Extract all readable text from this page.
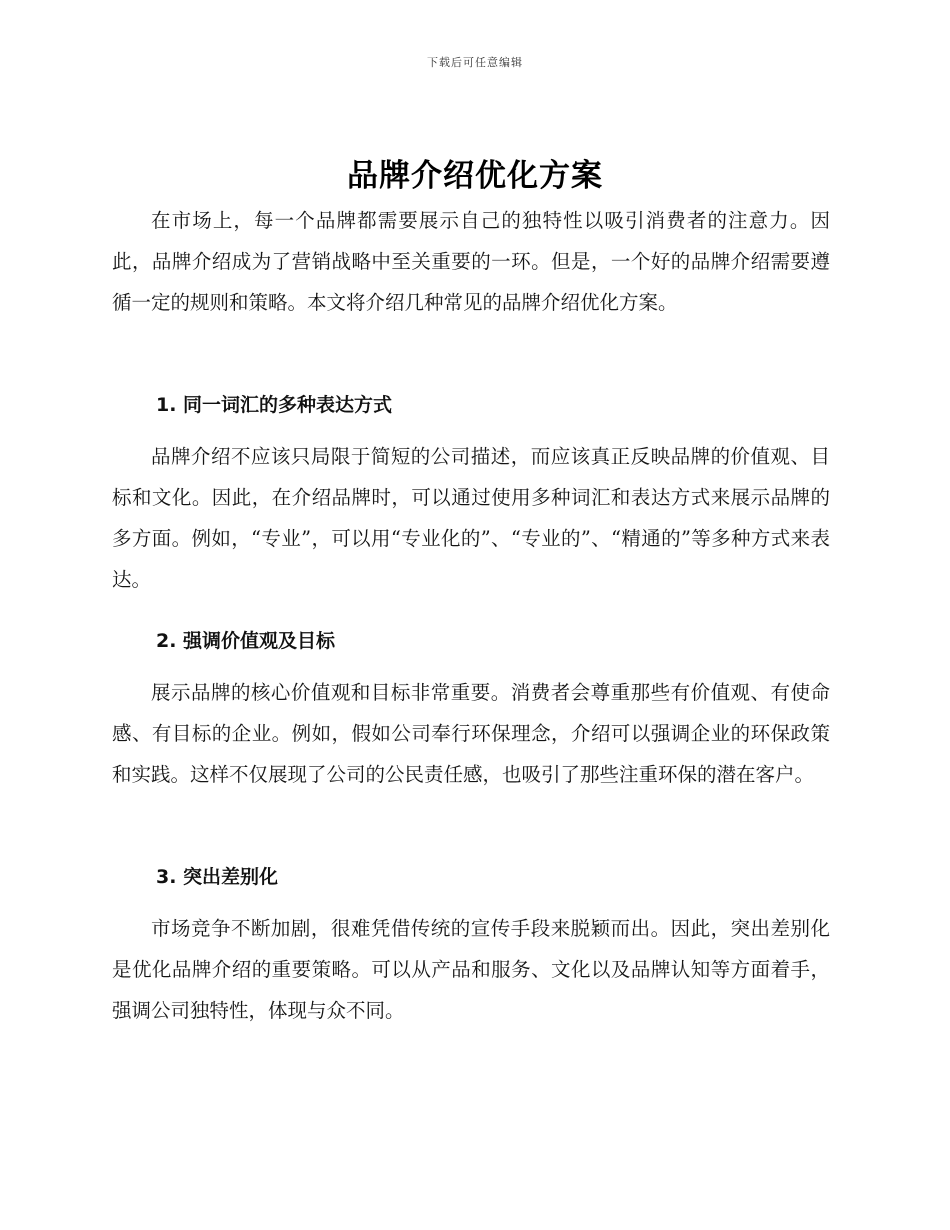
下载后可任意编辑
品牌介绍优化方案

在市场上，每一个品牌都需要展示自己的独特性以吸引消费者的注意力。因此，品牌介绍成为了营销战略中至关重要的一环。但是，一个好的品牌介绍需要遵循一定的规则和策略。本文将介绍几种常见的品牌介绍优化方案。

1. 同一词汇的多种表达方式

品牌介绍不应该只局限于简短的公司描述，而应该真正反映品牌的价值观、目标和文化。因此，在介绍品牌时，可以通过使用多种词汇和表达方式来展示品牌的多方面。例如，“专业”，可以用“专业化的”、“专业的”、“精通的”等多种方式来表达。

2. 强调价值观及目标

展示品牌的核心价值观和目标非常重要。消费者会尊重那些有价值观、有使命感、有目标的企业。例如，假如公司奉行环保理念，介绍可以强调企业的环保政策和实践。这样不仅展现了公司的公民责任感，也吸引了那些注重环保的潜在客户。

3. 突出差别化

市场竞争不断加剧，很难凭借传统的宣传手段来脱颖而出。因此，突出差别化是优化品牌介绍的重要策略。可以从产品和服务、文化以及品牌认知等方面着手，强调公司独特性，体现与众不同。
